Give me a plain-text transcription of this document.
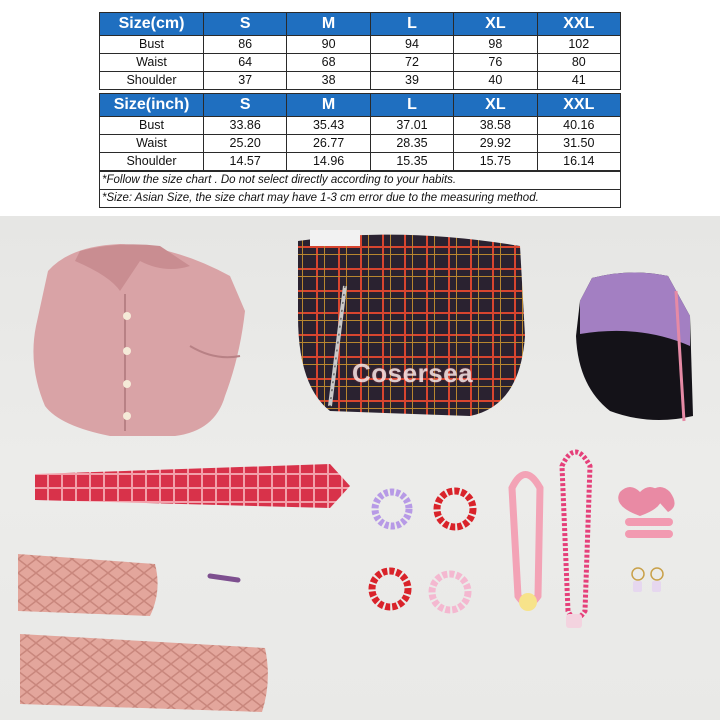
Size(cm)	S	M	L	XL	XXL
Bust	86	90	94	98	102
Waist	64	68	72	76	80
Shoulder	37	38	39	40	41
Size(inch)	S	M	L	XL	XXL
Bust	33.86	35.43	37.01	38.58	40.16
Waist	25.20	26.77	28.35	29.92	31.50
Shoulder	14.57	14.96	15.35	15.75	16.14
*Follow the size chart . Do not select directly according to your habits.
*Size: Asian Size, the size chart may have 1-3 cm error due to the measuring method.
Cosersea
